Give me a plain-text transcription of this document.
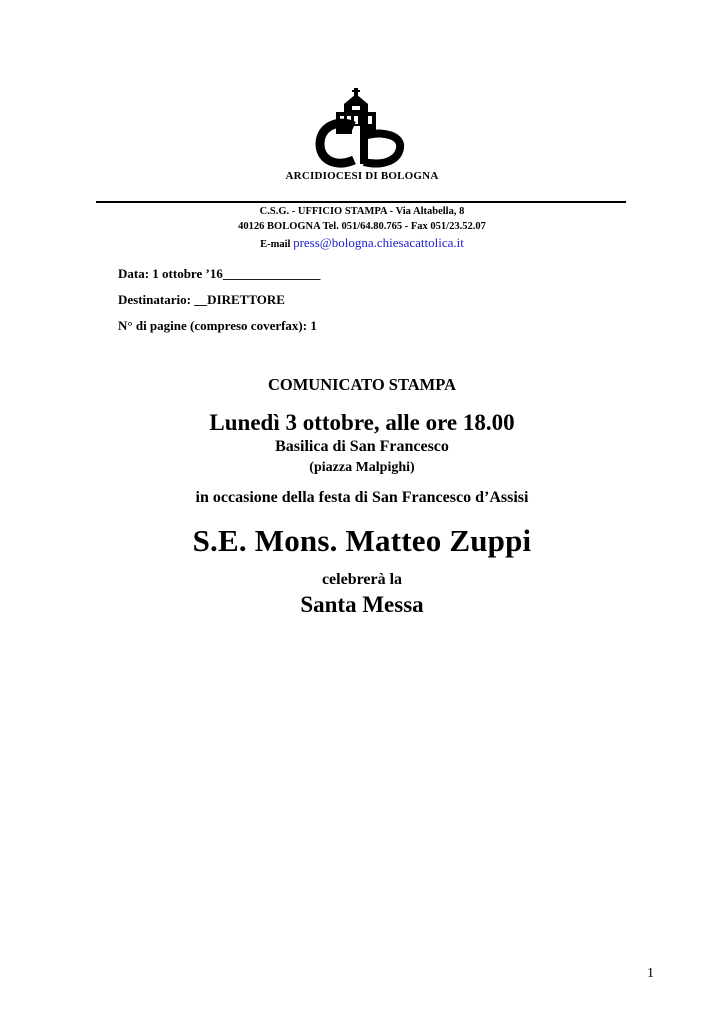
ARCIDIOCESI DI BOLOGNA
C.S.G. - UFFICIO STAMPA - Via Altabella, 8
40126 BOLOGNA Tel. 051/64.80.765 - Fax 051/23.52.07
E-mail press@bologna.chiesacattolica.it
Data: 1 ottobre ’16_______________
Destinatario: __DIRETTORE
N° di pagine (compreso coverfax): 1
COMUNICATO STAMPA
Lunedì 3 ottobre, alle ore 18.00
Basilica di San Francesco
(piazza Malpighi)
in occasione della festa di San Francesco d’Assisi
S.E. Mons. Matteo Zuppi
celebrerà la
Santa Messa
1
